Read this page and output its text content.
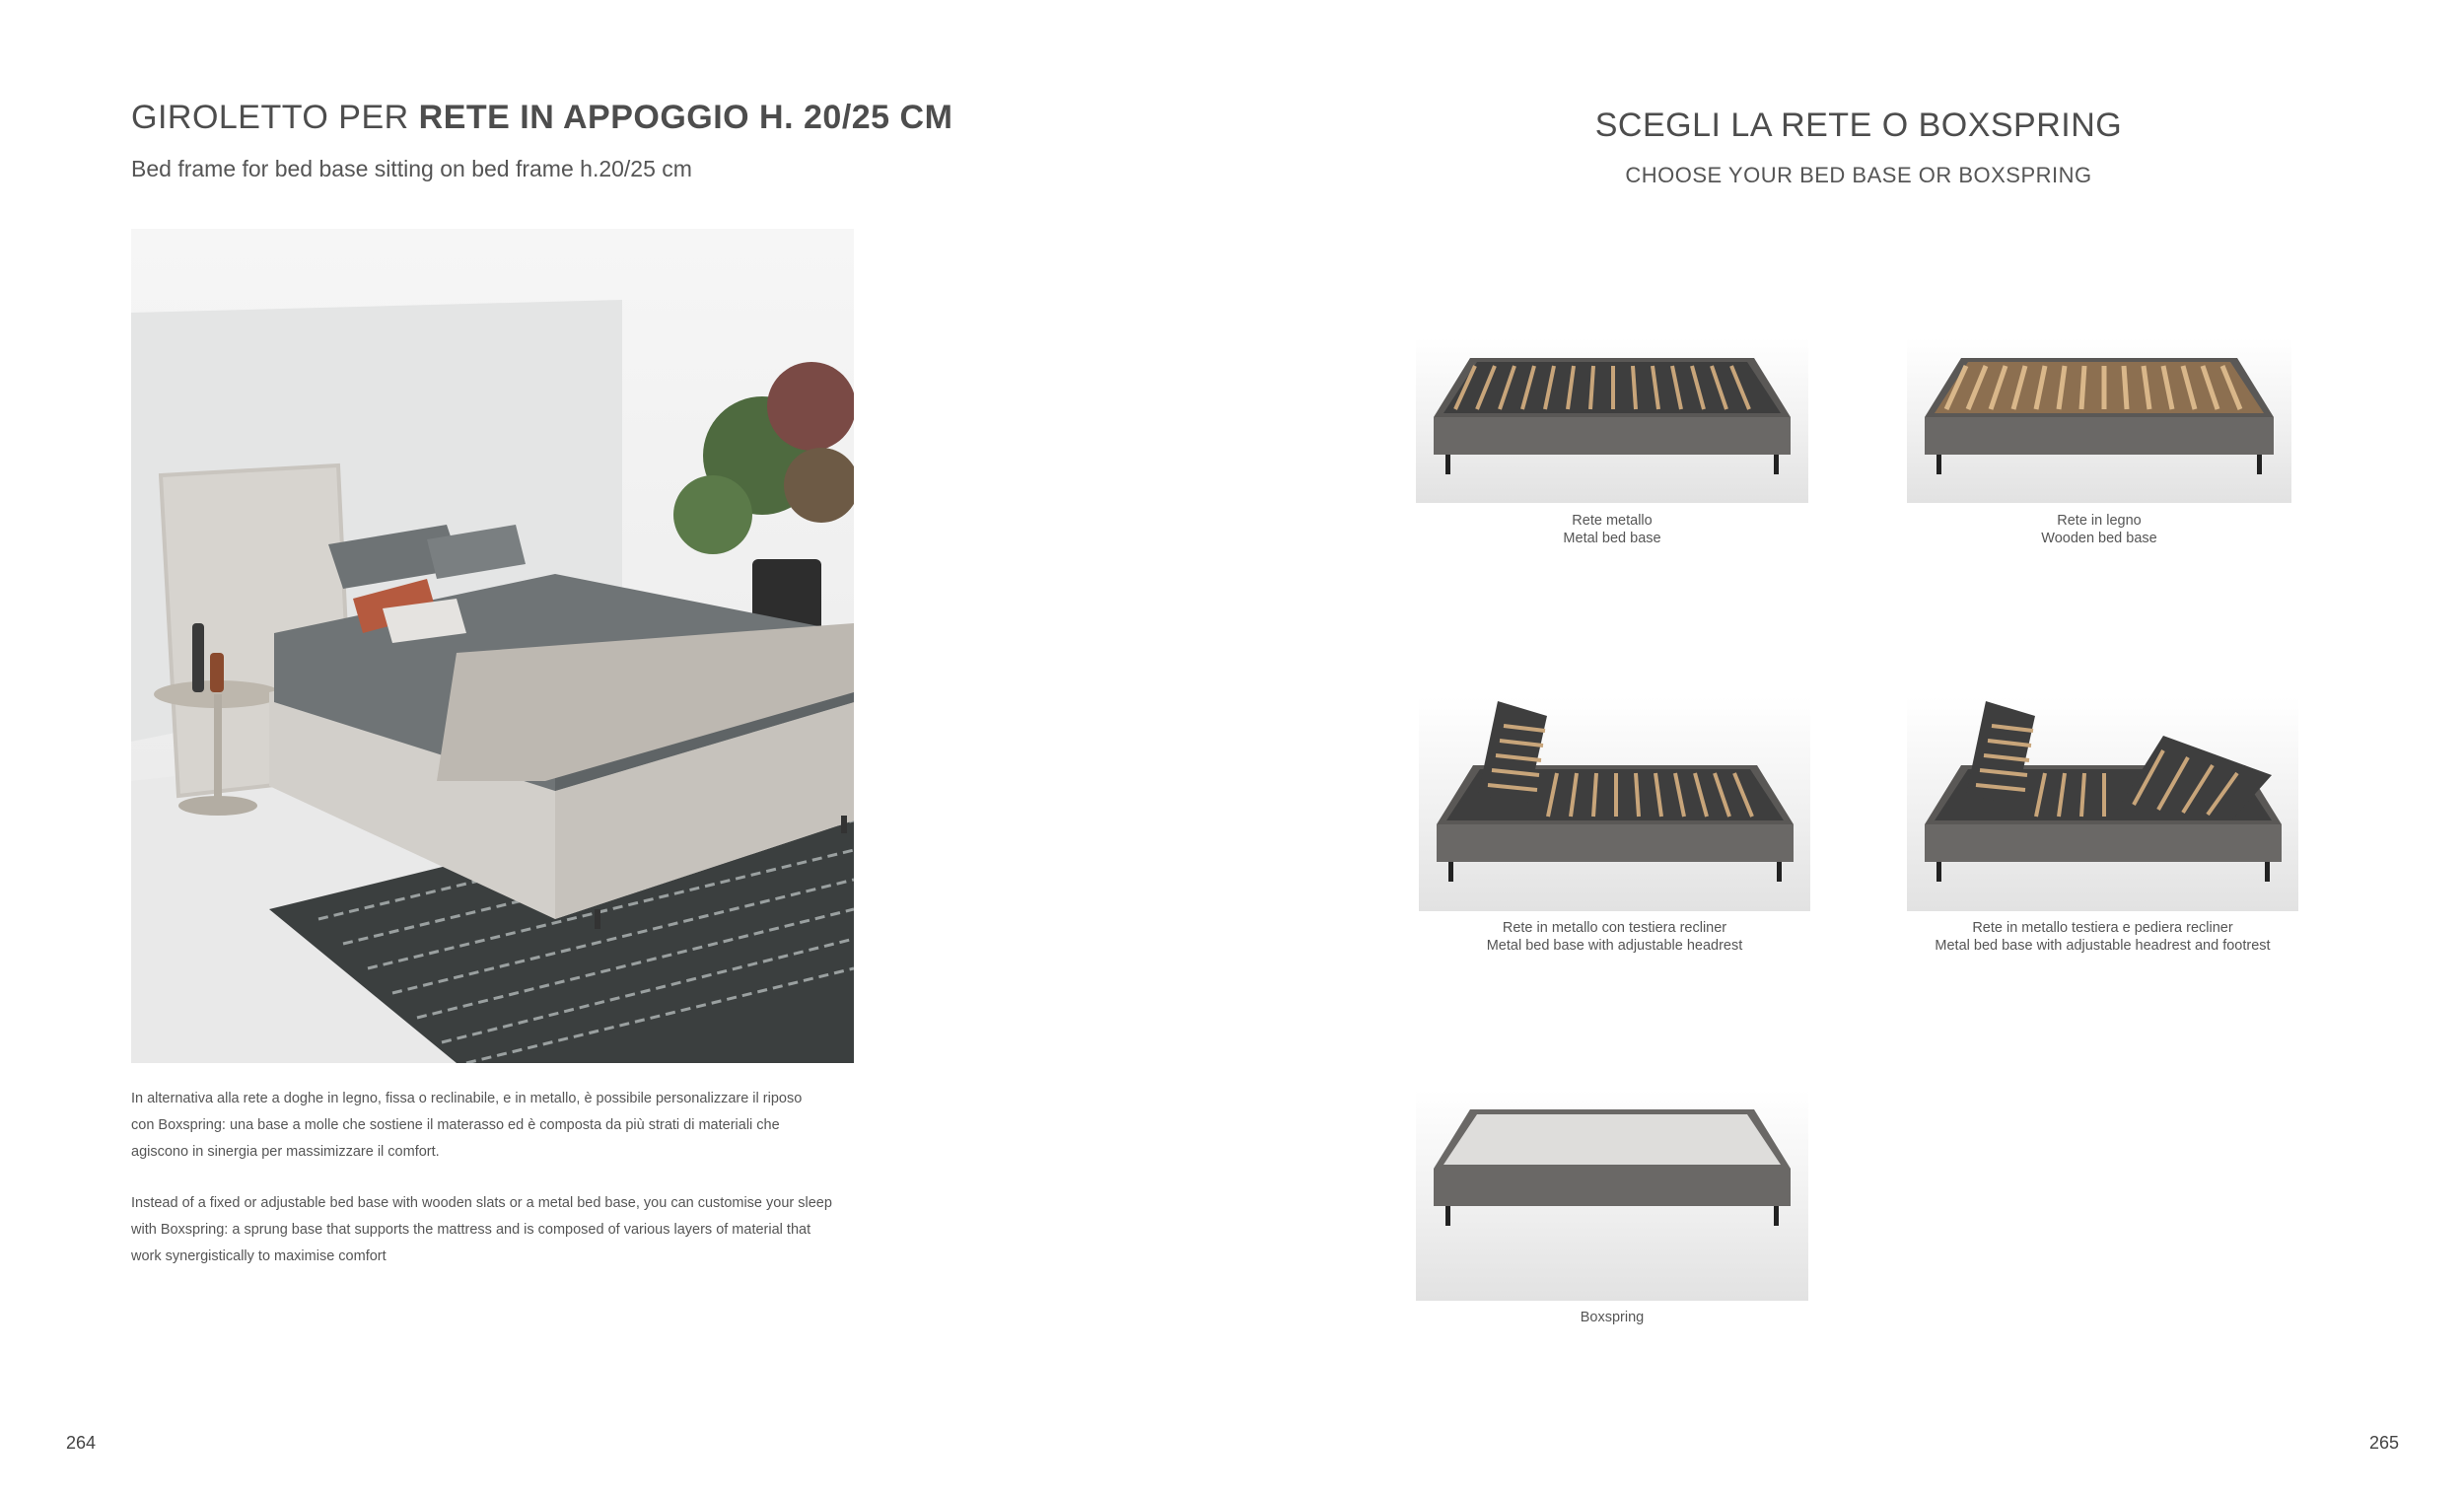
GIROLETTO PER RETE IN APPOGGIO H. 20/25 CM
Bed frame for bed base sitting on bed frame h.20/25 cm
In alternativa alla rete a doghe in legno, fissa o reclinabile, e in metallo, è possibile personalizzare il riposo
con Boxspring: una base a molle che sostiene il materasso ed è composta da più strati di materiali che
agiscono in sinergia per massimizzare il comfort.
Instead of a fixed or adjustable bed base with wooden slats or a metal bed base, you can customise your sleep
with Boxspring: a sprung base that supports the mattress and is composed of various layers of material that
work synergistically to maximise comfort
264
SCEGLI LA RETE O BOXSPRING
CHOOSE YOUR BED BASE OR BOXSPRING
Rete metallo
Metal bed base
Rete in legno
Wooden bed base
Rete in metallo con testiera recliner
Metal bed base with adjustable headrest
Rete in metallo testiera e pediera recliner
Metal bed base with adjustable headrest and footrest
Boxspring
265
